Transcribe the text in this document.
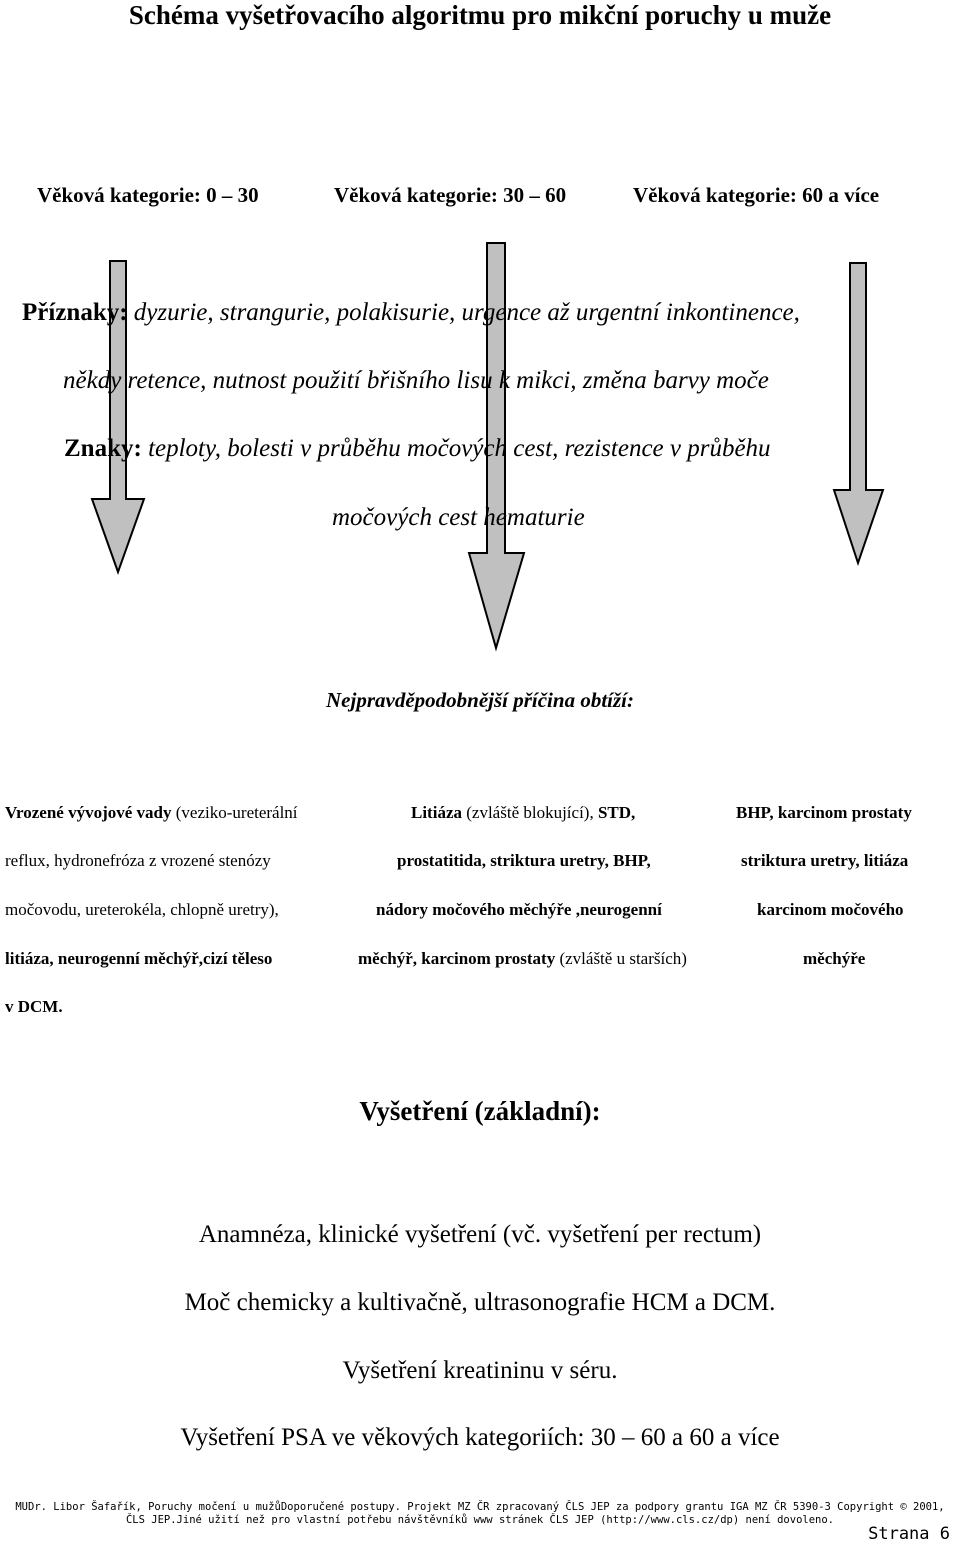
Schéma vyšetřovacího algoritmu pro mikční poruchy u muže
Věková kategorie: 0 – 30	Věková kategorie: 30 – 60	Věková kategorie: 60 a více
Příznaky: dyzurie, strangurie, polakisurie, urgence až urgentní inkontinence,
někdy retence, nutnost použití břišního lisu k mikci, změna barvy moče
Znaky: teploty, bolesti v průběhu močových cest, rezistence v průběhu
močových cest hematurie
Nejpravděpodobnější příčina obtíží:
Vrozené vývojové vady (veziko-ureterální
reflux, hydronefróza z vrozené stenózy
močovodu, ureterokéla, chlopně uretry),
litiáza, neurogenní měchýř,cizí těleso
v DCM.
Litiáza (zvláště blokující), STD,
prostatitida, striktura uretry, BHP,
nádory močového měchýře ,neurogenní
měchýř, karcinom prostaty (zvláště u starších)
BHP, karcinom prostaty
striktura uretry, litiáza
karcinom močového
měchýře
Vyšetření (základní):
Anamnéza, klinické vyšetření (vč. vyšetření per rectum)
Moč chemicky a kultivačně, ultrasonografie HCM a DCM.
Vyšetření kreatininu v séru.
Vyšetření PSA ve věkových kategoriích: 30 – 60 a 60 a více
MUDr. Libor Šafařík, Poruchy močení u mužůDoporučené postupy. Projekt MZ ČR zpracovaný ČLS JEP za podpory grantu IGA MZ ČR 5390-3 Copyright © 2001,
ČLS JEP.Jiné užití než pro vlastní potřebu návštěvníků www stránek ČLS JEP (http://www.cls.cz/dp) není dovoleno.
Strana 6
